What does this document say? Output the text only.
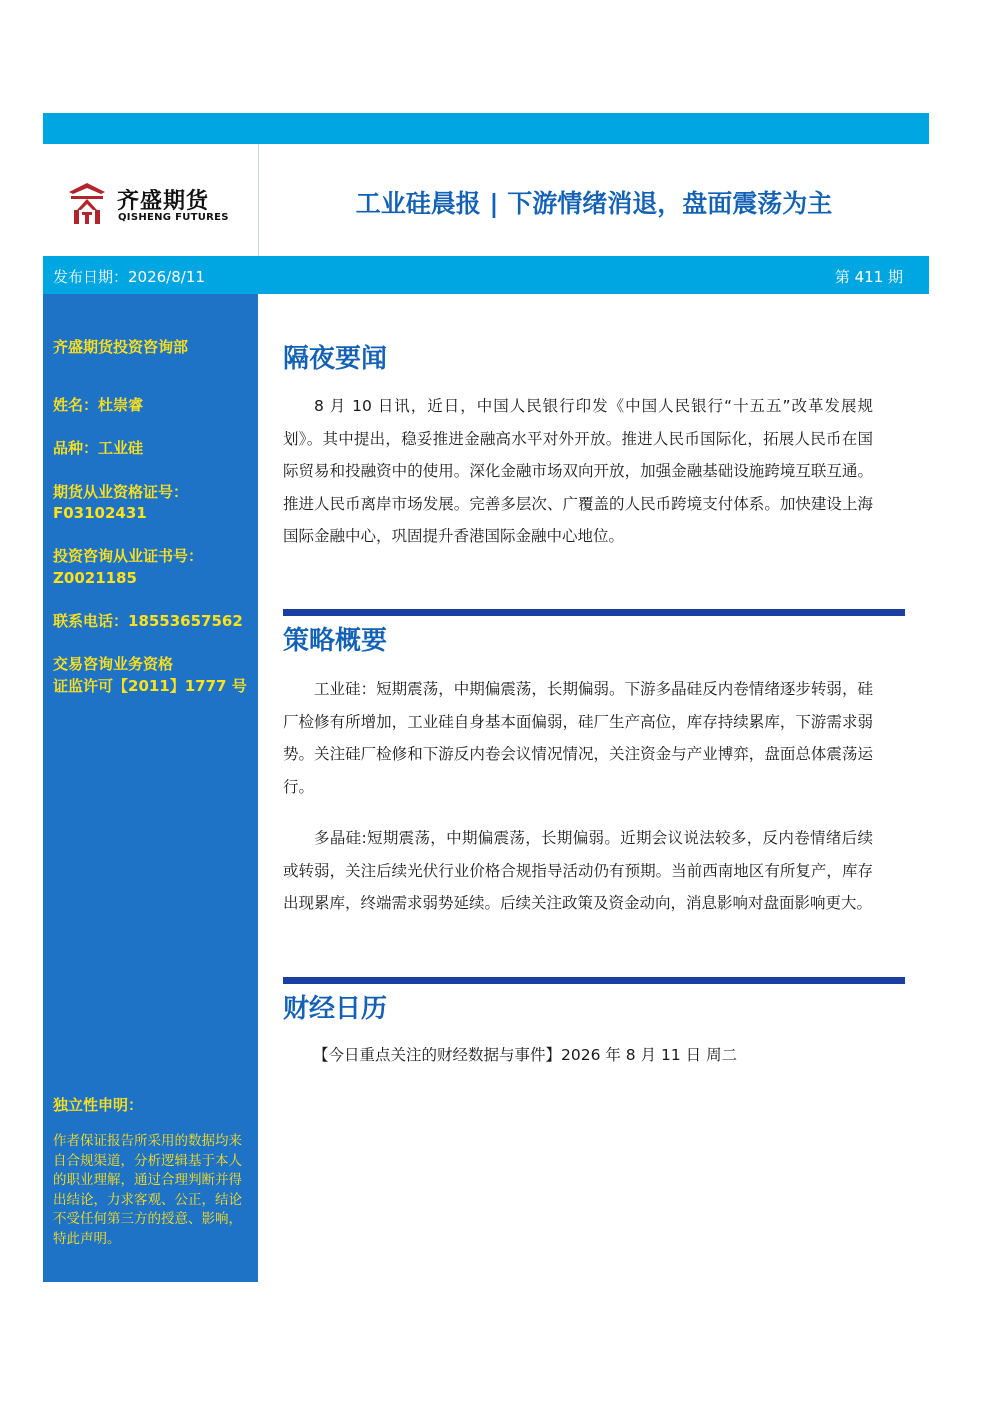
齐盛期货
QISHENG FUTURES	工业硅晨报 | 下游情绪消退，盘面震荡为主
发布日期：2026/8/11	第 411 期
齐盛期货投资咨询部
姓名：杜崇睿
品种：工业硅
期货从业资格证号：
F03102431
投资咨询从业证书号：
Z0021185
联系电话：18553657562
交易咨询业务资格
证监许可【2011】1777 号
独立性申明：
作者保证报告所采用的数据均来自合规渠道，分析逻辑基于本人的职业理解，通过合理判断并得出结论，力求客观、公正，结论不受任何第三方的授意、影响，特此声明。
隔夜要闻
8 月 10 日讯，近日，中国人民银行印发《中国人民银行“十五五”改革发展规划》。其中提出，稳妥推进金融高水平对外开放。推进人民币国际化，拓展人民币在国际贸易和投融资中的使用。深化金融市场双向开放，加强金融基础设施跨境互联互通。推进人民币离岸市场发展。完善多层次、广覆盖的人民币跨境支付体系。加快建设上海国际金融中心，巩固提升香港国际金融中心地位。
策略概要
工业硅：短期震荡，中期偏震荡，长期偏弱。下游多晶硅反内卷情绪逐步转弱，硅厂检修有所增加，工业硅自身基本面偏弱，硅厂生产高位，库存持续累库，下游需求弱势。关注硅厂检修和下游反内卷会议情况情况，关注资金与产业博弈，盘面总体震荡运行。
多晶硅:短期震荡，中期偏震荡，长期偏弱。近期会议说法较多，反内卷情绪后续或转弱，关注后续光伏行业价格合规指导活动仍有预期。当前西南地区有所复产，库存出现累库，终端需求弱势延续。后续关注政策及资金动向，消息影响对盘面影响更大。
财经日历
【今日重点关注的财经数据与事件】2026 年 8 月 11 日 周二
